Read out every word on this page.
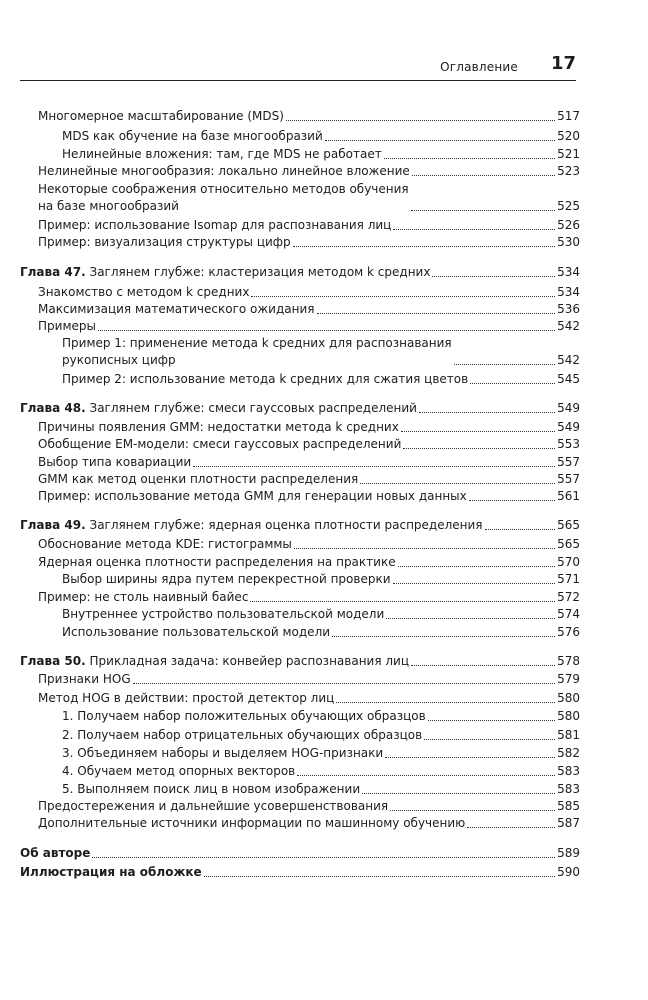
Оглавление 17
Многомерное масштабирование (MDS)	517
MDS как обучение на базе многообразий	520
Нелинейные вложения: там, где MDS не работает	521
Нелинейные многообразия: локально линейное вложение	523
Некоторые соображения относительно методов обучения
на базе многообразий	525
Пример: использование Isomap для распознавания лиц	526
Пример: визуализация структуры цифр	530
Глава 47. Заглянем глубже: кластеризация методом k средних	534
Знакомство с методом k средних	534
Максимизация математического ожидания	536
Примеры	542
Пример 1: применение метода k средних для распознавания
рукописных цифр	542
Пример 2: использование метода k средних для сжатия цветов	545
Глава 48. Заглянем глубже: смеси гауссовых распределений	549
Причины появления GMM: недостатки метода k средних	549
Обобщение EM-модели: смеси гауссовых распределений	553
Выбор типа ковариации	557
GMM как метод оценки плотности распределения	557
Пример: использование метода GMM для генерации новых данных	561
Глава 49. Заглянем глубже: ядерная оценка плотности распределения	565
Обоснование метода KDE: гистограммы	565
Ядерная оценка плотности распределения на практике	570
Выбор ширины ядра путем перекрестной проверки	571
Пример: не столь наивный байес	572
Внутреннее устройство пользовательской модели	574
Использование пользовательской модели	576
Глава 50. Прикладная задача: конвейер распознавания лиц	578
Признаки HOG	579
Метод HOG в действии: простой детектор лиц	580
1. Получаем набор положительных обучающих образцов	580
2. Получаем набор отрицательных обучающих образцов	581
3. Объединяем наборы и выделяем HOG-признаки	582
4. Обучаем метод опорных векторов	583
5. Выполняем поиск лиц в новом изображении	583
Предостережения и дальнейшие усовершенствования	585
Дополнительные источники информации по машинному обучению	587
Об авторе	589
Иллюстрация на обложке	590
